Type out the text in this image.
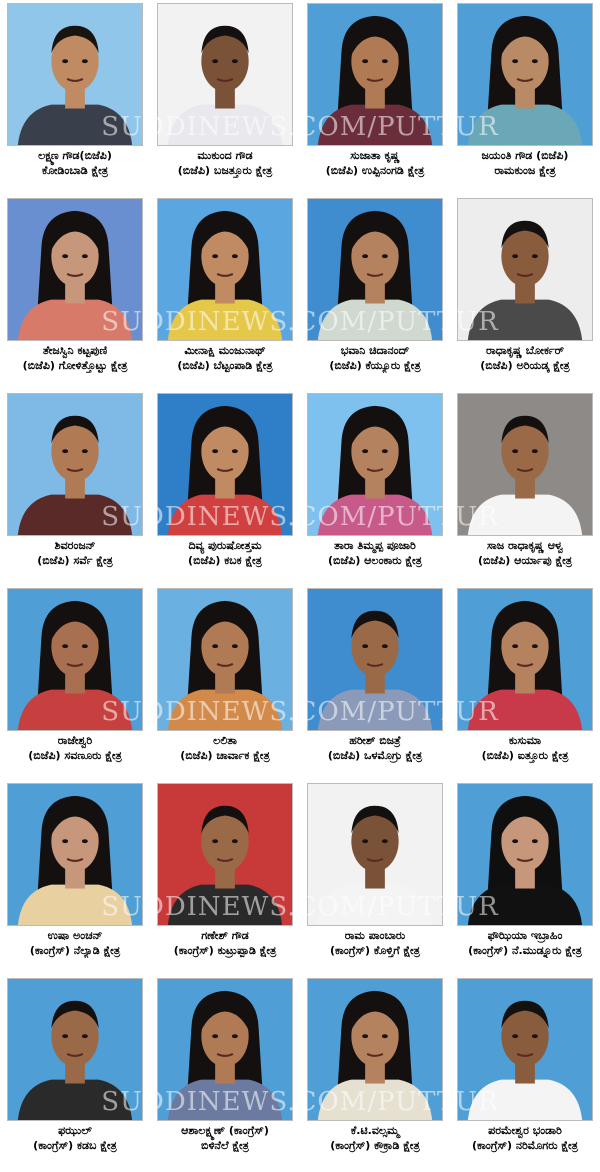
ಲಕ್ಷ್ಮಣ ಗೌಡ(ಬಿಜೆಪಿ)
ಕೋಡಿಂಬಾಡಿ ಕ್ಷೇತ್ರ
ಮುಕುಂದ ಗೌಡ
(ಬಿಜೆಪಿ) ಬಜತ್ತೂರು ಕ್ಷೇತ್ರ
ಸುಜಾತಾ ಕೃಷ್ಣ
(ಬಿಜೆಪಿ) ಉಪ್ಪಿನಂಗಡಿ ಕ್ಷೇತ್ರ
ಜಯಂತಿ ಗೌಡ (ಬಿಜೆಪಿ)
ರಾಮಕುಂಜ ಕ್ಷೇತ್ರ
SUDDINEWS.COM/PUTTUR
ತೇಜಸ್ವಿನಿ ಕಟ್ಟಪುಣಿ
(ಬಿಜೆಪಿ) ಗೋಳಿತ್ತೊಟ್ಟು ಕ್ಷೇತ್ರ
ಮೀನಾಕ್ಷಿ ಮಂಜುನಾಥ್
(ಬಿಜೆಪಿ) ಬೆಟ್ಟಂಪಾಡಿ ಕ್ಷೇತ್ರ
ಭವಾನಿ ಚಿದಾನಂದ್
(ಬಿಜೆಪಿ) ಕೆಯ್ಯೂರು ಕ್ಷೇತ್ರ
ರಾಧಾಕೃಷ್ಣ ಬೋರ್ಕರ್
(ಬಿಜೆಪಿ) ಅರಿಯಡ್ಕ ಕ್ಷೇತ್ರ
SUDDINEWS.COM/PUTTUR
ಶಿವರಂಜನ್
(ಬಿಜೆಪಿ) ಸರ್ವೆ ಕ್ಷೇತ್ರ
ದಿವ್ಯ ಪುರುಷೋತ್ತಮ
(ಬಿಜೆಪಿ) ಕಬಕ ಕ್ಷೇತ್ರ
ತಾರಾ ತಿಮ್ಮಪ್ಪ ಪೂಜಾರಿ
(ಬಿಜೆಪಿ) ಆಲಂಕಾರು ಕ್ಷೇತ್ರ
ಸಾಜ ರಾಧಾಕೃಷ್ಣ ಆಳ್ವ
(ಬಿಜೆಪಿ) ಆರ್ಯಾಪು ಕ್ಷೇತ್ರ
SUDDINEWS.COM/PUTTUR
ರಾಜೇಶ್ವರಿ
(ಬಿಜೆಪಿ) ಸವಣೂರು ಕ್ಷೇತ್ರ
ಲಲಿತಾ
(ಬಿಜೆಪಿ) ಚಾರ್ವಾಕ ಕ್ಷೇತ್ರ
ಹರೀಶ್ ಬಿಜತ್ರೆ
(ಬಿಜೆಪಿ) ಒಳಮೊಗ್ರು ಕ್ಷೇತ್ರ
ಕುಸುಮಾ
(ಬಿಜೆಪಿ) ಐತ್ತೂರು ಕ್ಷೇತ್ರ
SUDDINEWS.COM/PUTTUR
ಉಷಾ ಅಂಚನ್
(ಕಾಂಗ್ರೆಸ್) ನೆಲ್ಯಾಡಿ ಕ್ಷೇತ್ರ
ಗಣೇಶ್ ಗೌಡ
(ಕಾಂಗ್ರೆಸ್) ಕುಟ್ರುಪ್ಪಾಡಿ ಕ್ಷೇತ್ರ
ರಾಮ ಪಾಂಬಾರು
(ಕಾಂಗ್ರೆಸ್) ಕೊಳ್ತಿಗೆ ಕ್ಷೇತ್ರ
ಫೌಝಿಯಾ ಇಬ್ರಾಹಿಂ
(ಕಾಂಗ್ರೆಸ್) ನೆ.ಮುಡ್ನೂರು ಕ್ಷೇತ್ರ
SUDDINEWS.COM/PUTTUR
ಫಝುಲ್
(ಕಾಂಗ್ರೆಸ್) ಕಡಬ ಕ್ಷೇತ್ರ
ಆಶಾಲಕ್ಷ್ಮಣ್ (ಕಾಂಗ್ರೆಸ್)
ಬಿಳಿನೆಲೆ ಕ್ಷೇತ್ರ
ಕೆ.ಟಿ.ವಲ್ಸಮ್ಮ
(ಕಾಂಗ್ರೆಸ್) ಕೌಕ್ರಾಡಿ ಕ್ಷೇತ್ರ
ಪರಮೇಶ್ವರ ಭಂಡಾರಿ
(ಕಾಂಗ್ರೆಸ್) ನರಿಮೊಗರು ಕ್ಷೇತ್ರ
SUDDINEWS.COM/PUTTUR
